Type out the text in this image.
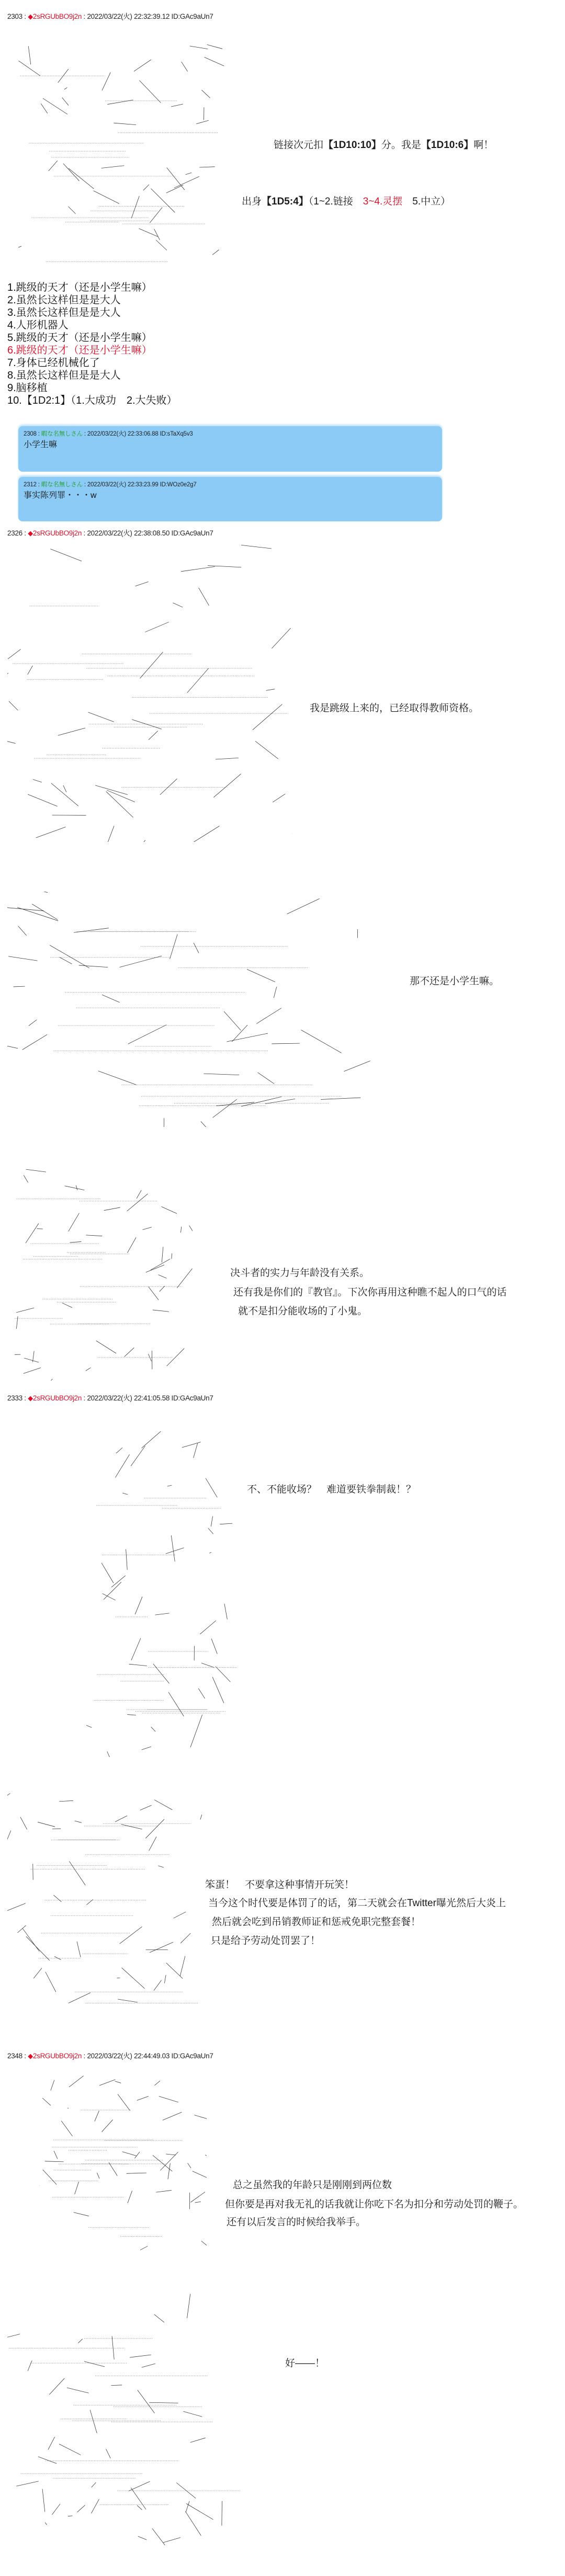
2303 : ◆2sRGUbBO9j2n : 2022/03/22(火) 22:32:39.12 ID:GAc9aUn7
链接次元扣【1D10:10】分。我是【1D10:6】啊！
出身【1D5:4】（1~2.链接　3~4.灵摆　5.中立）
1.跳级的天才（还是小学生嘛）
2.虽然长这样但是是大人
3.虽然长这样但是是大人
4.人形机器人
5.跳级的天才（还是小学生嘛）
6.跳级的天才（还是小学生嘛）
7.身体已经机械化了
8.虽然长这样但是是大人
9.脑移植
10.【1D2:1】（1.大成功　2.大失败）
2308 : 暇な名無しさん : 2022/03/22(火) 22:33:06.88 ID:sTaXq5v3
小学生嘛
2312 : 暇な名無しさん : 2022/03/22(火) 22:33:23.99 ID:WOz0e2g7
事实陈列罪・・・w
2326 : ◆2sRGUbBO9j2n : 2022/03/22(火) 22:38:08.50 ID:GAc9aUn7
我是跳级上来的，已经取得教师资格。
那不还是小学生嘛。
决斗者的实力与年龄没有关系。
还有我是你们的『教官』。下次你再用这种瞧不起人的口气的话
就不是扣分能收场的了小鬼。
2333 : ◆2sRGUbBO9j2n : 2022/03/22(火) 22:41:05.58 ID:GAc9aUn7
不、不能收场？　难道要铁拳制裁！？
笨蛋！　不要拿这种事情开玩笑！
当今这个时代要是体罚了的话，第二天就会在Twitter曝光然后大炎上
然后就会吃到吊销教师证和惩戒免职完整套餐！
只是给予劳动处罚罢了！
2348 : ◆2sRGUbBO9j2n : 2022/03/22(火) 22:44:49.03 ID:GAc9aUn7
总之虽然我的年龄只是刚刚到两位数
但你要是再对我无礼的话我就让你吃下名为扣分和劳动处罚的鞭子。
还有以后发言的时候给我举手。
好——！
